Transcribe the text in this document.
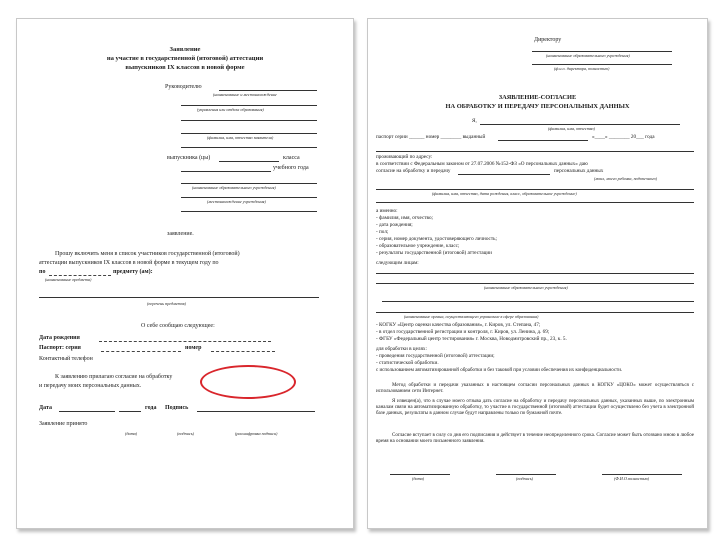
Заявление
на участие в государственной (итоговой) аттестации
выпускников IX классов в новой форме
Руководителю
(наименование и местонахождение
(управления или отдела образования)
(фамилия, имя, отчество заявителя)
выпускника (цы)	класса
учебного года
(наименование образовательного учреждения)
(местонахождение учреждения)
заявление.
Прошу включить меня в список участников государственной (итоговой)
аттестации выпускников IX классов в новой форме в текущем году по
по	предмету (ам):
(наименование предмета)
(перечень предметов)
О себе сообщаю следующее:
Дата рождения
Паспорт: серия	номер
Контактный телефон
К заявлению прилагаю согласие на обработку
и передачу моих персональных данных.
Дата	года Подпись
Заявление принято
(дата)	(подпись)	(расшифровка подписи)
Директору
(наименование образовательного учреждения)
(ф.и.о. директора, полностью)
ЗАЯВЛЕНИЕ-СОГЛАСИЕ
НА ОБРАБОТКУ И ПЕРЕДАЧУ ПЕРСОНАЛЬНЫХ ДАННЫХ
Я,
(фамилия, имя, отчество)
паспорт серии ______ номер ________ выданный	«____» ________ 20___ года
проживающий по адресу:
в соответствии с Федеральным законом от 27.07.2006 №152-ФЗ «О персональных данных» даю
согласие на обработку и передачу	персональных данных
(моих, моего ребенка, подопечного)
(фамилия, имя, отчество, дата рождения, класс, образовательное учреждение)
а именно:
- фамилия, имя, отчество;
- дата рождения;
- пол;
- серия, номер документа, удостоверяющего личность;
- образовательное учреждение, класс;
- результаты государственной (итоговой) аттестации
следующим лицам:
(наименование образовательного учреждения)
(наименование органа, осуществляющего управление в сфере образования)
- КОГКУ «Центр оценки качества образования», г. Киров, ул. Степана, 47;
- в отдел государственной регистрации и контроля, г. Киров, ул. Ленина, д. 69;
- ФГБУ «Федеральный центр тестирования» г. Москва, Новодмитровский пр., 23, к. 5.
для обработки в целях:
- проведения государственной (итоговой) аттестации;
- статистической обработки.
с использованием автоматизированной обработки и без таковой при условии обеспечения их конфиденциальности.
Метод обработки и передачи указанных в настоящем согласии персональных данных в КОГКУ «ЦОКО» может осуществляться с использованием сети Интернет.
Я извещен(а), что в случае моего отзыва дать согласие на обработку и передачу персональных данных, указанных выше, по электронным каналам связи на автоматизированную обработку, то участие в государственной (итоговой) аттестации будет осуществлено без учета в электронной базе данных, результаты в данном случае будут направлены только по бумажной почте.
Согласие вступает в силу со дня его подписания и действует в течение неопределенного срока. Согласие может быть отозвано мною в любое время на основании моего письменного заявления.
(дата)	(подпись)	(Ф.И.О.полностью)
